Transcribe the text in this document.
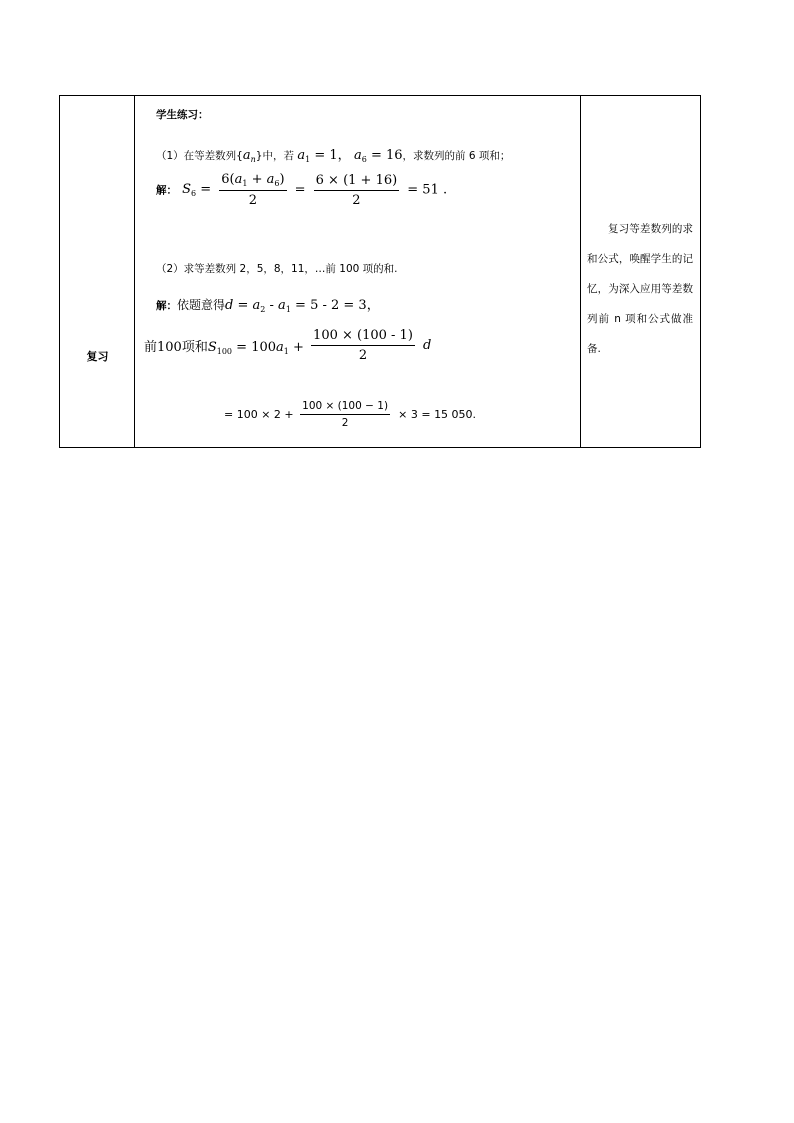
复习
学生练习：
（1）在等差数列$\{a_n\}$中，若 $a_1 = 1$， $a_6 = 16$，求数列的前 6 项和；
解： $S_6 = \frac{6(a_1 + a_6)}{2} = \frac{6 \times (1 + 16)}{2} = 51$ .
（2）求等差数列 2，5，8，11，…前 100 项的和.
解：依题意得$d = a_2 - a_1 = 5 - 2 = 3$，
前100项和$S_{100} = 100a_1 + \frac{100 \times (100 - 1)}{2}$ d
= $100 \times 2 + \frac{100 \times (100 - 1)}{2} \times 3 = 15$ 050.
复习等差数列的求和公式，唤醒学生的记忆，为深入应用等差数列前 n 项和公式做准备.
